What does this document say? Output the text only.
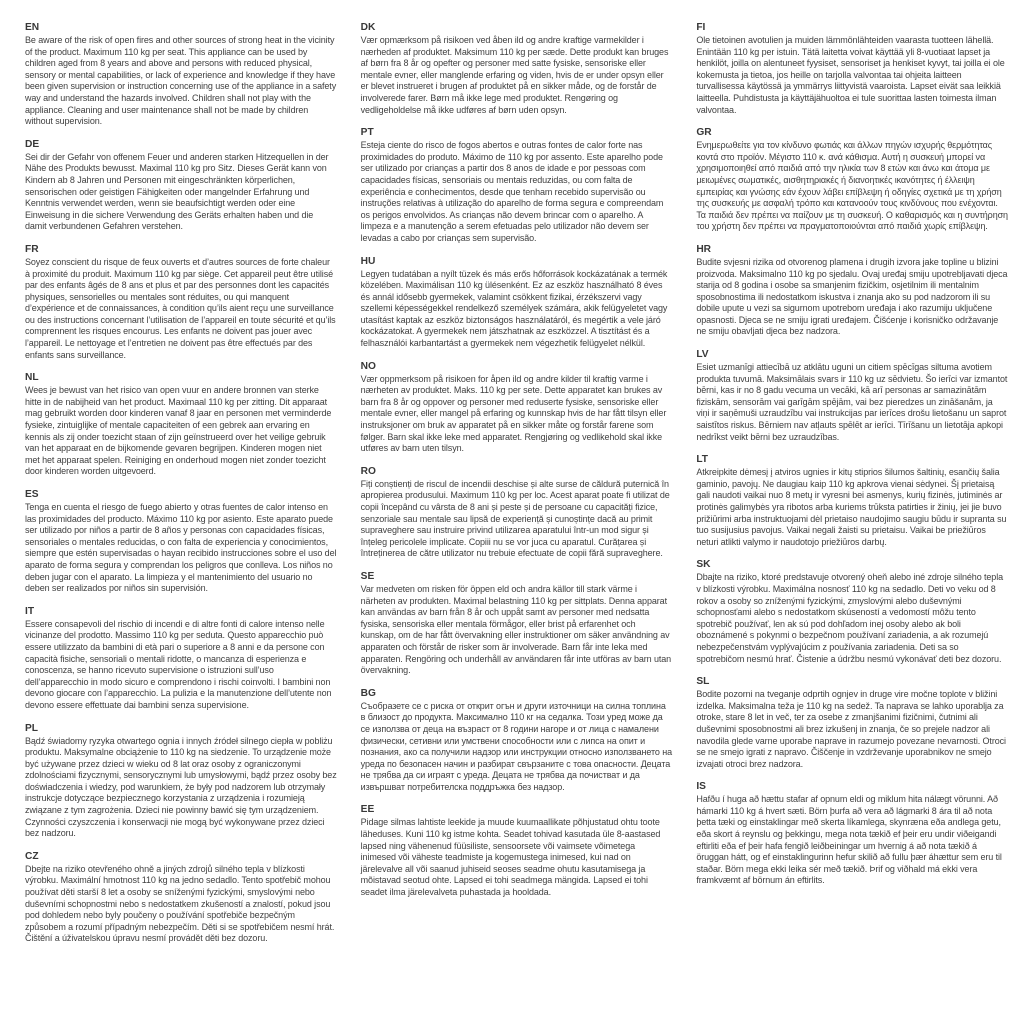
EN

Be aware of the risk of open fires and other sources of strong heat in the vicinity of the product. Maximum 110 kg per seat. This appliance can be used by children aged from 8 years and above and persons with reduced physical, sensory or mental capabilities, or lack of experience and knowledge if they have been given supervision or instruction concerning use of the appliance in a safety way and understand the hazards involved. Children shall not play with the appliance. Cleaning and user maintenance shall not be made by children without supervision.

DE

Sei dir der Gefahr von offenem Feuer und anderen starken Hitzequellen in der Nähe des Produkts bewusst. Maximal 110 kg pro Sitz. Dieses Gerät kann von Kindern ab 8 Jahren und Personen mit eingeschränkten körperlichen, sensorischen oder geistigen Fähigkeiten oder mangelnder Erfahrung und Kenntnis verwendet werden, wenn sie beaufsichtigt werden oder eine Einweisung in die sichere Verwendung des Geräts erhalten haben und die damit verbundenen Gefahren verstehen.

FR

Soyez conscient du risque de feux ouverts et d’autres sources de forte chaleur à proximité du produit. Maximum 110 kg par siège. Cet appareil peut être utilisé par des enfants âgés de 8 ans et plus et par des personnes dont les capacités physiques, sensorielles ou mentales sont réduites, ou qui manquent d’expérience et de connaissances, à condition qu’ils aient reçu une surveillance ou des instructions concernant l’utilisation de l’appareil en toute sécurité et qu’ils comprennent les risques encourus. Les enfants ne doivent pas jouer avec l’appareil. Le nettoyage et l’entretien ne doivent pas être effectués par des enfants sans surveillance.

NL

Wees je bewust van het risico van open vuur en andere bronnen van sterke hitte in de nabijheid van het product. Maximaal 110 kg per zitting. Dit apparaat mag gebruikt worden door kinderen vanaf 8 jaar en personen met verminderde fysieke, zintuiglijke of mentale capaciteiten of een gebrek aan ervaring en kennis als zij onder toezicht staan of zijn geïnstrueerd over het veilige gebruik van het apparaat en de bijkomende gevaren begrijpen. Kinderen mogen niet met het apparaat spelen. Reiniging en onderhoud mogen niet zonder toezicht door kinderen worden uitgevoerd.

ES

Tenga en cuenta el riesgo de fuego abierto y otras fuentes de calor intenso en las proximidades del producto. Máximo 110 kg por asiento. Este aparato puede ser utilizado por niños a partir de 8 años y personas con capacidades físicas, sensoriales o mentales reducidas, o con falta de experiencia y conocimientos, siempre que estén supervisadas o hayan recibido instrucciones sobre el uso del aparato de forma segura y comprendan los peligros que conlleva. Los niños no deben jugar con el aparato. La limpieza y el mantenimiento del usuario no deben ser realizados por niños sin supervisión.

IT

Essere consapevoli del rischio di incendi e di altre fonti di calore intenso nelle vicinanze del prodotto. Massimo 110 kg per seduta. Questo apparecchio può essere utilizzato da bambini di età pari o superiore a 8 anni e da persone con capacità fisiche, sensoriali o mentali ridotte, o mancanza di esperienza e conoscenza, se hanno ricevuto supervisione o istruzioni sull’uso dell’apparecchio in modo sicuro e comprendono i rischi coinvolti. I bambini non devono giocare con l’apparecchio. La pulizia e la manutenzione dell’utente non devono essere effettuate dai bambini senza supervisione.

PL

Bądź świadomy ryzyka otwartego ognia i innych źródeł silnego ciepła w pobliżu produktu. Maksymalne obciążenie to 110 kg na siedzenie. To urządzenie może być używane przez dzieci w wieku od 8 lat oraz osoby z ograniczonymi zdolnościami fizycznymi, sensorycznymi lub umysłowymi, bądź przez osoby bez doświadczenia i wiedzy, pod warunkiem, że były pod nadzorem lub otrzymały instrukcje dotyczące bezpiecznego korzystania z urządzenia i rozumieją związane z tym zagrożenia. Dzieci nie powinny bawić się tym urządzeniem. Czynności czyszczenia i konserwacji nie mogą być wykonywane przez dzieci bez nadzoru.

CZ

Dbejte na riziko otevřeného ohně a jiných zdrojů silného tepla v blízkosti výrobku. Maximální hmotnost 110 kg na jedno sedadlo. Tento spotřebič mohou používat děti starší 8 let a osoby se sníženými fyzickými, smyslovými nebo duševními schopnostmi nebo s nedostatkem zkušeností a znalostí, pokud jsou pod dohledem nebo byly poučeny o používání spotřebiče bezpečným způsobem a rozumí případným nebezpečím. Děti si se spotřebičem nesmí hrát. Čištění a úživatelskou úpravu nesmí provádět děti bez dozoru.

DK

Vær opmærksom på risikoen ved åben ild og andre kraftige varmekilder i nærheden af produktet. Maksimum 110 kg per sæde. Dette produkt kan bruges af børn fra 8 år og opefter og personer med satte fysiske, sensoriske eller mentale evner, eller manglende erfaring og viden, hvis de er under opsyn eller er blevet instrueret i brugen af produktet på en sikker måde, og de forstår de involverede farer. Børn må ikke lege med produktet. Rengøring og vedligeholdelse må ikke udføres af børn uden opsyn.

PT

Esteja ciente do risco de fogos abertos e outras fontes de calor forte nas proximidades do produto. Máximo de 110 kg por assento. Este aparelho pode ser utilizado por crianças a partir dos 8 anos de idade e por pessoas com capacidades físicas, sensoriais ou mentais reduzidas, ou com falta de experiência e conhecimentos, desde que tenham recebido supervisão ou instruções relativas à utilização do aparelho de forma segura e compreendam os perigos envolvidos. As crianças não devem brincar com o aparelho. A limpeza e a manutenção a serem efetuadas pelo utilizador não devem ser levadas a cabo por crianças sem supervisão.

HU

Legyen tudatában a nyílt tüzek és más erős hőforrások kockázatának a termék közelében. Maximálisan 110 kg ülésenként. Ez az eszköz használható 8 éves és annál idősebb gyermekek, valamint csökkent fizikai, érzékszervi vagy szellemi képességekkel rendelkező személyek számára, akik felügyeletet vagy utasítást kaptak az eszköz biztonságos használatáról, és megértik a vele járó kockázatokat. A gyermekek nem játszhatnak az eszközzel. A tisztítást és a felhasználói karbantartást a gyermekek nem végezhetik felügyelet nélkül.

NO

Vær oppmerksom på risikoen for åpen ild og andre kilder til kraftig varme i nærheten av produktet. Maks. 110 kg per sete. Dette apparatet kan brukes av barn fra 8 år og oppover og personer med reduserte fysiske, sensoriske eller mentale evner, eller mangel på erfaring og kunnskap hvis de har fått tilsyn eller instruksjoner om bruk av apparatet på en sikker måte og forstår farene som følger. Barn skal ikke leke med apparatet. Rengjøring og vedlikehold skal ikke utføres av barn uten tilsyn.

RO

Fiți conștienți de riscul de incendii deschise și alte surse de căldură puternică în apropierea produsului. Maximum 110 kg per loc. Acest aparat poate fi utilizat de copii începând cu vârsta de 8 ani și peste și de persoane cu capacități fizice, senzoriale sau mentale sau lipsă de experiență și cunoștințe dacă au primit supraveghere sau instruire privind utilizarea aparatului într-un mod sigur și înțeleg pericolele implicate. Copiii nu se vor juca cu aparatul. Curățarea și întreținerea de către utilizator nu trebuie efectuate de copii fără supraveghere.

SE

Var medveten om risken för öppen eld och andra källor till stark värme i närheten av produkten. Maximal belastning 110 kg per sittplats. Denna apparat kan användas av barn från 8 år och uppåt samt av personer med nedsatta fysiska, sensoriska eller mentala förmågor, eller brist på erfarenhet och kunskap, om de har fått övervakning eller instruktioner om säker användning av apparaten och förstår de risker som är involverade. Barn får inte leka med apparaten. Rengöring och underhåll av användaren får inte utföras av barn utan övervakning.

BG

Съобразете се с риска от открит огън и други източници на силна топлина в близост до продукта. Максимално 110 кг на седалка. Този уред може да се използва от деца на възраст от 8 години нагоре и от лица с намалени физически, сетивни или умствени способности или с липса на опит и познания, ако са получили надзор или инструкции относно използването на уреда по безопасен начин и разбират свързаните с това опасности. Децата не трябва да си играят с уреда. Децата не трябва да почистват и да извършват потребителска поддръжка без надзор.

EE

Pidage silmas lahtiste leekide ja muude kuumaallikate põhjustatud ohtu toote läheduses. Kuni 110 kg istme kohta. Seadet tohivad kasutada üle 8-aastased lapsed ning vähenenud füüsiliste, sensoorsete või vaimsete võimetega inimesed või väheste teadmiste ja kogemustega inimesed, kui nad on järelevalve all või saanud juhiseid seoses seadme ohutu kasutamisega ja mõistavad seotud ohte. Lapsed ei tohi seadmega mängida. Lapsed ei tohi seadet ilma järelevalveta puhastada ja hooldada.

FI

Ole tietoinen avotulien ja muiden lämmönlähteiden vaarasta tuotteen lähellä. Enintään 110 kg per istuin. Tätä laitetta voivat käyttää yli 8-vuotiaat lapset ja henkilöt, joilla on alentuneet fyysiset, sensoriset ja henkiset kyvyt, tai joilla ei ole kokemusta ja tietoa, jos heille on tarjolla valvontaa tai ohjeita laitteen turvallisessa käytössä ja ymmärrys liittyvistä vaaroista. Lapset eivät saa leikkiä laitteella. Puhdistusta ja käyttäjähuoltoa ei tule suorittaa lasten toimesta ilman valvontaa.

GR

Ενημερωθείτε για τον κίνδυνο φωτιάς και άλλων πηγών ισχυρής θερμότητας κοντά στο προϊόν. Μέγιστο 110 κ. ανά κάθισμα. Αυτή η συσκευή μπορεί να χρησιμοποιηθεί από παιδιά από την ηλικία των 8 ετών και άνω και άτομα με μειωμένες σωματικές, αισθητηριακές ή διανοητικές ικανότητες ή έλλειψη εμπειρίας και γνώσης εάν έχουν λάβει επίβλεψη ή οδηγίες σχετικά με τη χρήση της συσκευής με ασφαλή τρόπο και κατανοούν τους κινδύνους που ενέχονται. Τα παιδιά δεν πρέπει να παίζουν με τη συσκευή. Ο καθαρισμός και η συντήρηση του χρήστη δεν πρέπει να πραγματοποιούνται από παιδιά χωρίς επίβλεψη.

HR

Budite svjesni rizika od otvorenog plamena i drugih izvora jake topline u blizini proizvoda. Maksimalno 110 kg po sjedalu. Ovaj uređaj smiju upotrebljavati djeca starija od 8 godina i osobe sa smanjenim fizičkim, osjetilnim ili mentalnim sposobnostima ili nedostatkom iskustva i znanja ako su pod nadzorom ili su dobile upute u vezi sa sigurnom upotrebom uređaja i ako razumiju uključene opasnosti. Djeca se ne smiju igrati uređajem. Čišćenje i korisničko održavanje ne smiju obavljati djeca bez nadzora.

LV

Esiet uzmanīgi attiecībā uz atklātu uguni un citiem spēcīgas siltuma avotiem produkta tuvumā. Maksimālais svars ir 110 kg uz sēdvietu. Šo ierīci var izmantot bērni, kas ir no 8 gadu vecuma un vecāki, kā arī personas ar samazinātām fiziskām, sensorām vai garīgām spējām, vai bez pieredzes un zināšanām, ja viņi ir saņēmuši uzraudzību vai instrukcijas par ierīces drošu lietošanu un saprot saistītos riskus. Bērniem nav atļauts spēlēt ar ierīci. Tīrīšanu un lietotāja apkopi nedrīkst veikt bērni bez uzraudzības.

LT

Atkreipkite dėmesį į atviros ugnies ir kitų stiprios šilumos šaltinių, esančių šalia gaminio, pavojų. Ne daugiau kaip 110 kg apkrova vienai sėdynei. Šį prietaisą gali naudoti vaikai nuo 8 metų ir vyresni bei asmenys, kurių fizinės, jutiminės ar protinės galimybės yra ribotos arba kuriems trūksta patirties ir žinių, jei jie buvo prižiūrimi arba instruktuojami dėl prietaiso naudojimo saugiu būdu ir supranta su tuo susijusius pavojus. Vaikai negali žaisti su prietaisu. Vaikai be priežiūros neturi atlikti valymo ir naudotojo priežiūros darbų.

SK

Dbajte na riziko, ktoré predstavuje otvorený oheň alebo iné zdroje silného tepla v blízkosti výrobku. Maximálna nosnosť 110 kg na sedadlo. Deti vo veku od 8 rokov a osoby so zníženými fyzickými, zmyslovými alebo duševnými schopnosťami alebo s nedostatkom skúseností a vedomostí môžu tento spotrebič používať, len ak sú pod dohľadom inej osoby alebo ak boli oboznámené s pokynmi o bezpečnom používaní zariadenia, a ak rozumejú nebezpečenstvám vyplývajúcim z používania zariadenia. Deti sa so spotrebičom nesmú hrať. Čistenie a údržbu nesmú vykonávať deti bez dozoru.

SL

Bodite pozorni na tveganje odprtih ognjev in druge vire močne toplote v bližini izdelka. Maksimalna teža je 110 kg na sedež. Ta naprava se lahko uporablja za otroke, stare 8 let in več, ter za osebe z zmanjšanimi fizičnimi, čutnimi ali duševnimi sposobnostmi ali brez izkušenj in znanja, če so prejele nadzor ali navodila glede varne uporabe naprave in razumejo povezane nevarnosti. Otroci se ne smejo igrati z napravo. Čiščenje in vzdrževanje uporabnikov ne smejo izvajati otroci brez nadzora.

IS

Hafðu í huga að hættu stafar af opnum eldi og miklum hita nálægt vörunni. Að hámarki 110 kg á hvert sæti. Börn þurfa að vera að lágmarki 8 ára til að nota þetta tæki og einstaklingar með skerta líkamlega, skynræna eða andlega getu, eða skort á reynslu og þekkingu, mega nota tækið ef þeir eru undir viðeigandi eftirliti eða ef þeir hafa fengið leiðbeiningar um hvernig á að nota tækið á öruggan hátt, og ef einstaklingurinn hefur skilið að fullu þær áhættur sem eru til staðar. Börn mega ekki leika sér með tækið. Þrif og viðhald má ekki vera framkvæmt af börnum án eftirlits.
